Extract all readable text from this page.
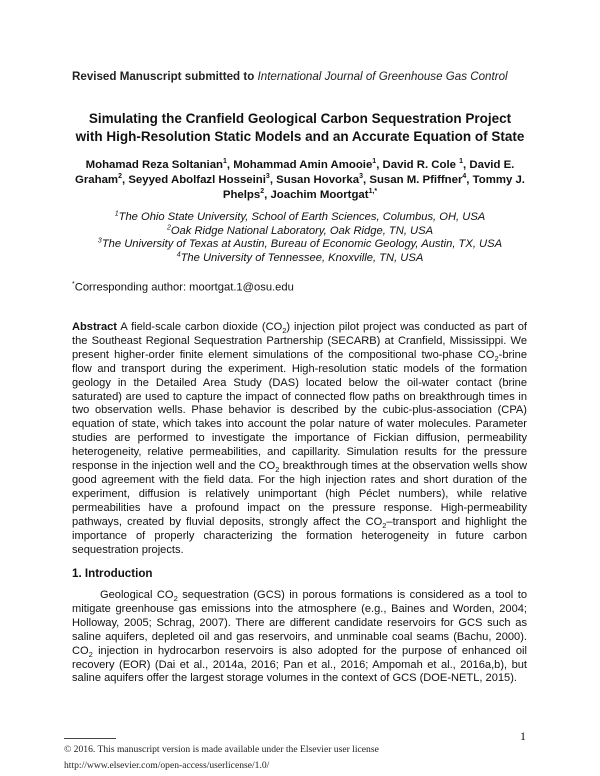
Revised Manuscript submitted to International Journal of Greenhouse Gas Control
Simulating the Cranfield Geological Carbon Sequestration Project
with High-Resolution Static Models and an Accurate Equation of State
Mohamad Reza Soltanian$^1$, Mohammad Amin Amooie$^1$, David R. Cole $^1$, David E. Graham$^2$, Seyyed Abolfazl Hosseini$^3$, Susan Hovorka$^3$, Susan M. Pfiffner$^4$, Tommy J. Phelps$^2$, Joachim Moortgat$^{1,*}$
$^1$The Ohio State University, School of Earth Sciences, Columbus, OH, USA
$^2$Oak Ridge National Laboratory, Oak Ridge, TN, USA
$^3$The University of Texas at Austin, Bureau of Economic Geology, Austin, TX, USA
$^4$The University of Tennessee, Knoxville, TN, USA
*Corresponding author: moortgat.1@osu.edu
Abstract A field-scale carbon dioxide $(CO_2)$ injection pilot project was conducted as part of the Southeast Regional Sequestration Partnership (SECARB) at Cranfield, Mississippi. We present higher-order finite element simulations of the compositional two-phase $CO_2$-brine flow and transport during the experiment. High-resolution static models of the formation geology in the Detailed Area Study (DAS) located below the oil-water contact (brine saturated) are used to capture the impact of connected flow paths on breakthrough times in two observation wells. Phase behavior is described by the cubic-plus-association (CPA) equation of state, which takes into account the polar nature of water molecules. Parameter studies are performed to investigate the importance of Fickian diffusion, permeability heterogeneity, relative permeabilities, and capillarity. Simulation results for the pressure response in the injection well and the $CO_2$ breakthrough times at the observation wells show good agreement with the field data. For the high injection rates and short duration of the experiment, diffusion is relatively unimportant (high Péclet numbers), while relative permeabilities have a profound impact on the pressure response. High-permeability pathways, created by fluvial deposits, strongly affect the $CO_2$–transport and highlight the importance of properly characterizing the formation heterogeneity in future carbon sequestration projects.
1. Introduction
Geological $CO_2$ sequestration (GCS) in porous formations is considered as a tool to mitigate greenhouse gas emissions into the atmosphere (e.g., Baines and Worden, 2004; Holloway, 2005; Schrag, 2007). There are different candidate reservoirs for GCS such as saline aquifers, depleted oil and gas reservoirs, and unminable coal seams (Bachu, 2000). $CO_2$ injection in hydrocarbon reservoirs is also adopted for the purpose of enhanced oil recovery (EOR) (Dai et al., 2014a, 2016; Pan et al., 2016; Ampomah et al., 2016a,b), but saline aquifers offer the largest storage volumes in the context of GCS (DOE-NETL, 2015).
1
© 2016. This manuscript version is made available under the Elsevier user license
http://www.elsevier.com/open-access/userlicense/1.0/
